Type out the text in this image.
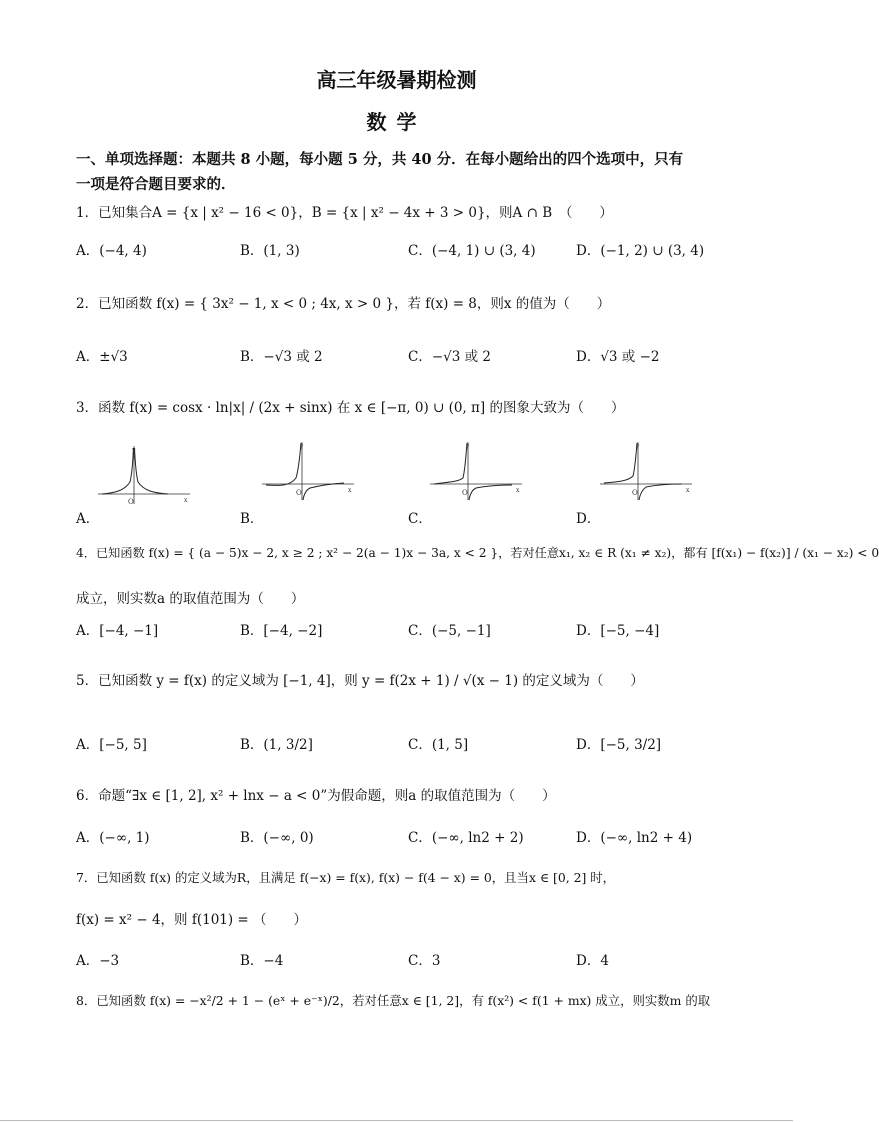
高三年级暑期检测
数学
一、单项选择题：本题共 8 小题，每小题 5 分，共 40 分．在每小题给出的四个选项中，只有
一项是符合题目要求的．
1．已知集合A = {x | x² − 16 < 0}，B = {x | x² − 4x + 3 > 0}，则A ∩ B　（　　）
A．(−4, 4)	B．(1, 3)	C．(−4, 1) ∪ (3, 4)	D．(−1, 2) ∪ (3, 4)
2．已知函数 f(x) = { 3x² − 1, x < 0 ; 4x, x > 0 }，若 f(x) = 8，则x 的值为（　　）
A．±√3	B．−√3 或 2	C．−√3 或 2	D．√3 或 −2
3．函数 f(x) = cosx · ln|x| / (2x + sinx) 在 x ∈ [−π, 0) ∪ (0, π] 的图象大致为（　　）
O
y
x
A．
O
y
x
B．
O
y
x
C．
O
y
x
D．
4．已知函数 f(x) = { (a − 5)x − 2, x ≥ 2 ; x² − 2(a − 1)x − 3a, x < 2 }，若对任意x₁, x₂ ∈ R (x₁ ≠ x₂)，都有 [f(x₁) − f(x₂)] / (x₁ − x₂) < 0
成立，则实数a 的取值范围为（　　）
A．[−4, −1]	B．[−4, −2]	C．(−5, −1]	D．[−5, −4]
5．已知函数 y = f(x) 的定义域为 [−1, 4]，则 y = f(2x + 1) / √(x − 1) 的定义域为（　　）
A．[−5, 5]	B．(1, 3/2]	C．(1, 5]	D．[−5, 3/2]
6．命题“∃x ∈ [1, 2], x² + lnx − a < 0”为假命题，则a 的取值范围为（　　）
A．(−∞, 1)	B．(−∞, 0)	C．(−∞, ln2 + 2)	D．(−∞, ln2 + 4)
7．已知函数 f(x) 的定义域为R，且满足 f(−x) = f(x), f(x) − f(4 − x) = 0，且当x ∈ [0, 2] 时，
f(x) = x² − 4，则 f(101) = （　　）
A．−3	B．−4	C．3	D．4
8．已知函数 f(x) = −x²/2 + 1 − (eˣ + e⁻ˣ)/2，若对任意x ∈ [1, 2]，有 f(x²) < f(1 + mx) 成立，则实数m 的取
